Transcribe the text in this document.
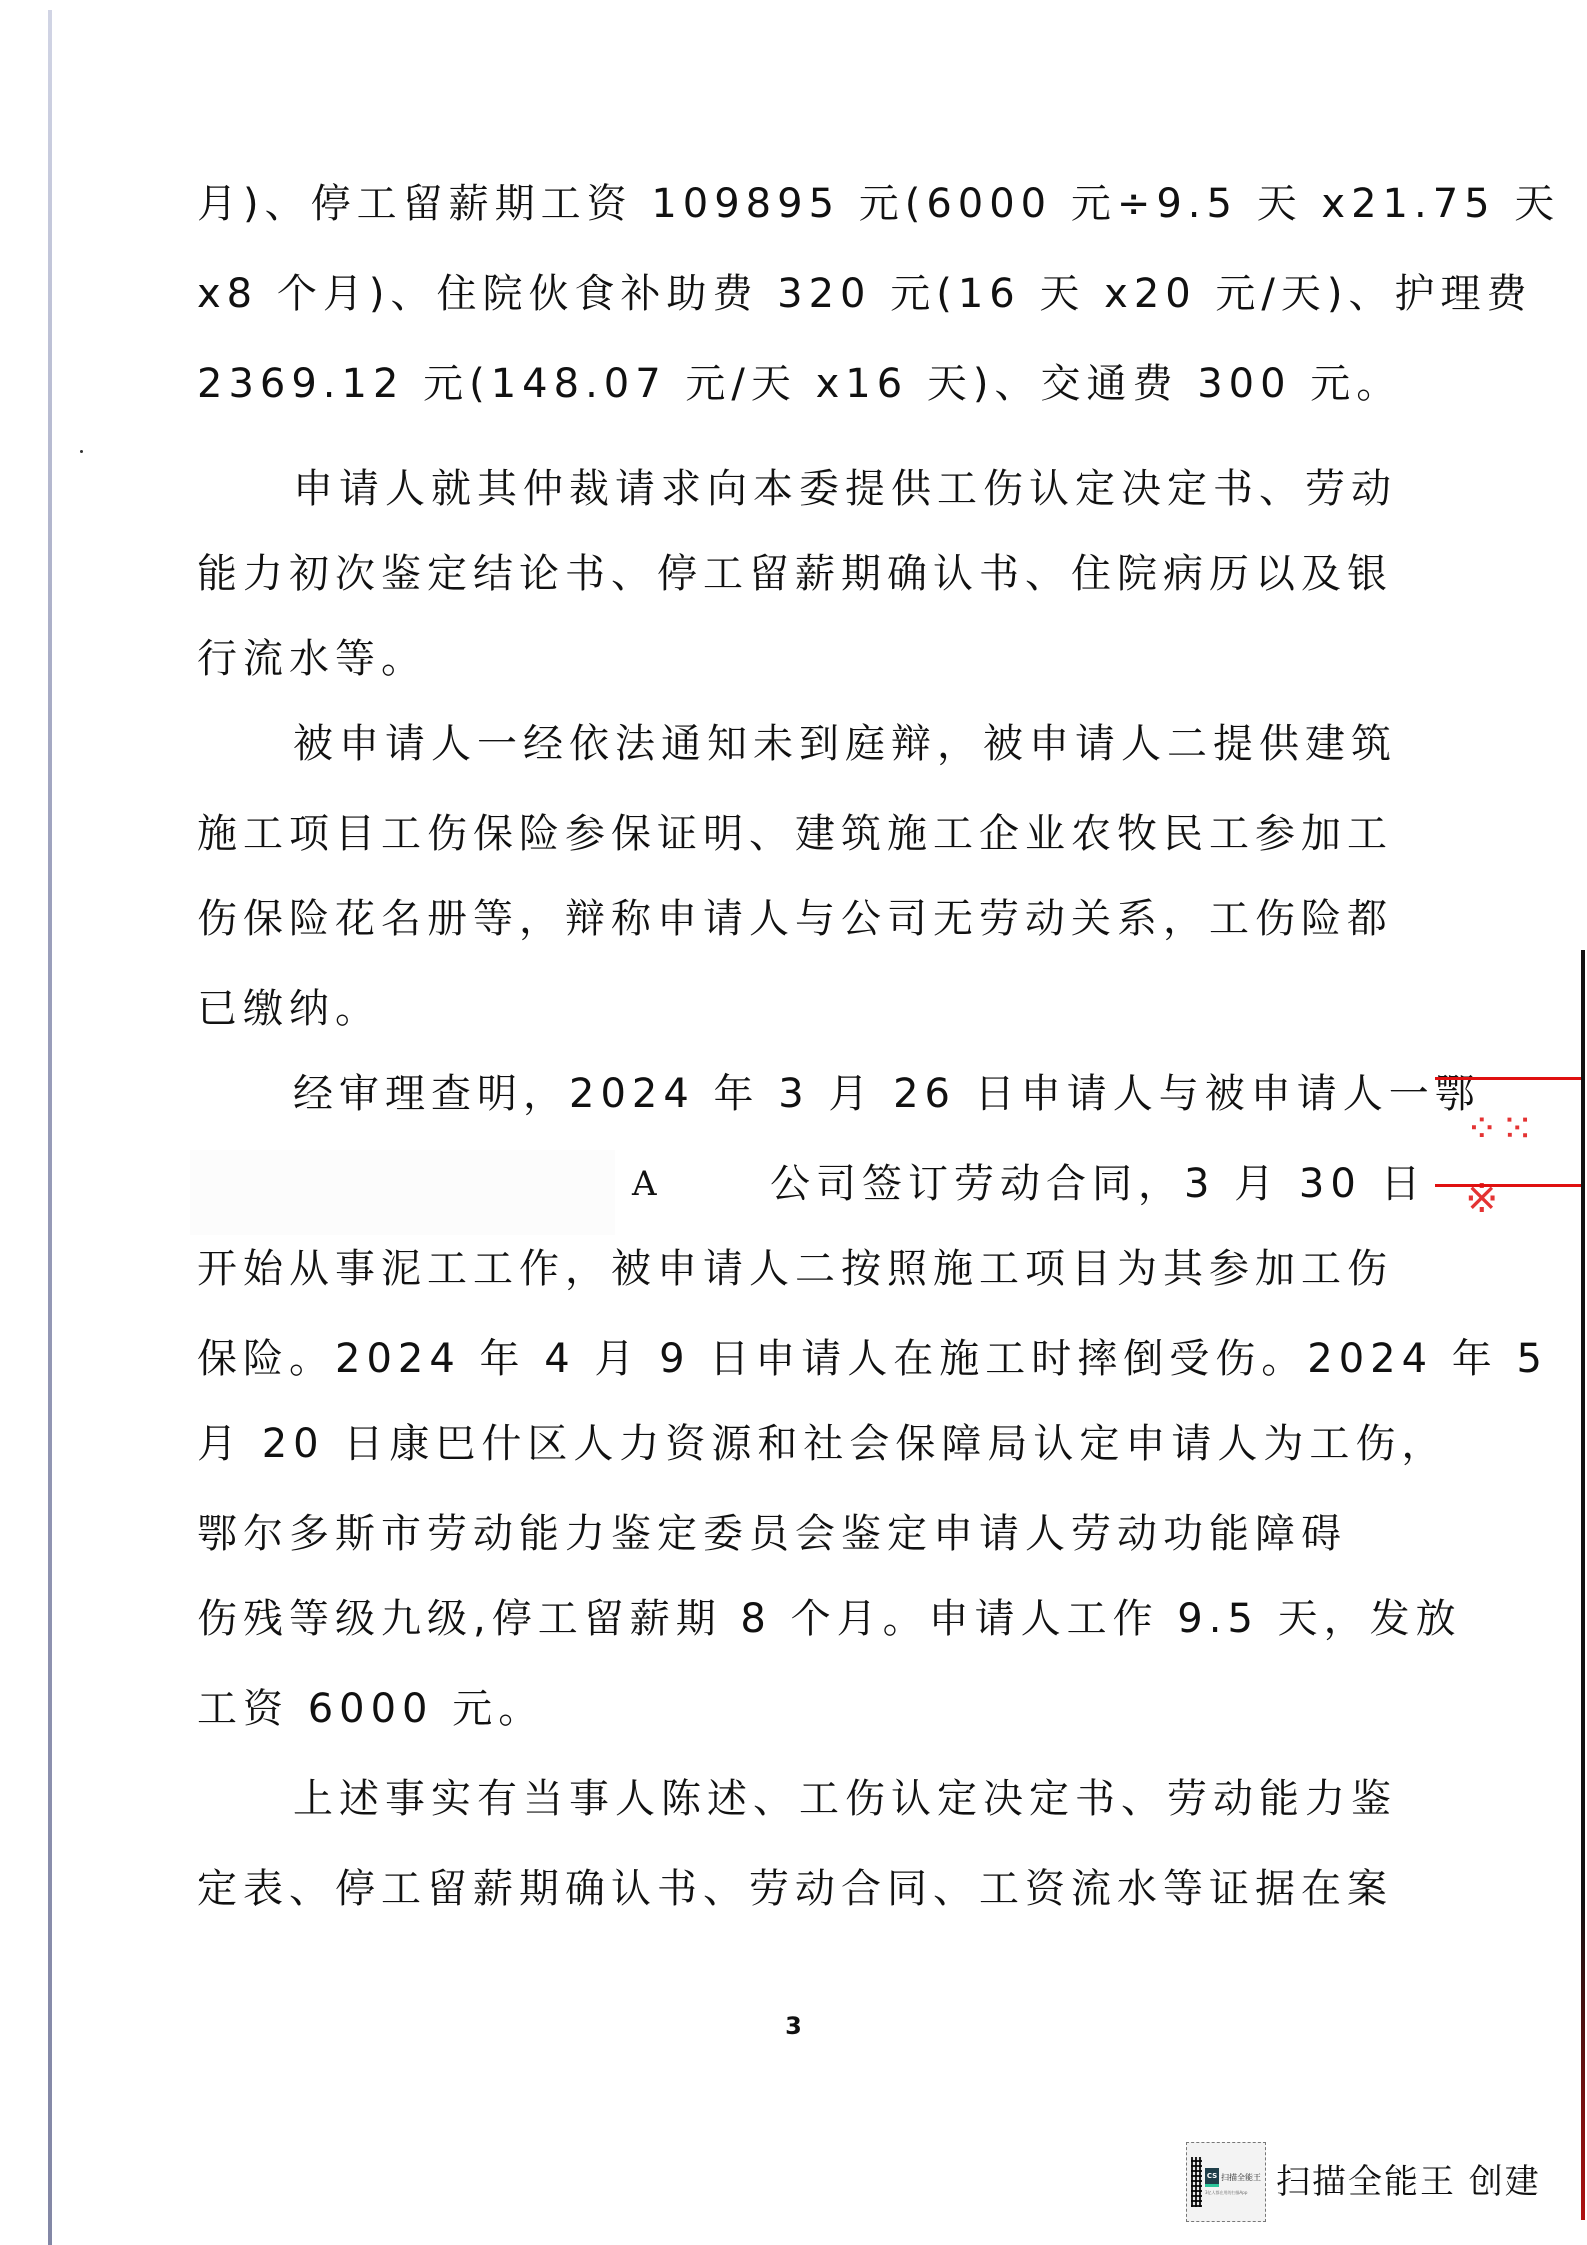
月)、停工留薪期工资 109895 元(6000 元÷9.5 天 x21.75 天
x8 个月)、住院伙食补助费 320 元(16 天 x20 元/天)、护理费
2369.12 元(148.07 元/天 x16 天)、交通费 300 元。
申请人就其仲裁请求向本委提供工伤认定决定书、劳动
能力初次鉴定结论书、停工留薪期确认书、住院病历以及银
行流水等。
被申请人一经依法通知未到庭辩，被申请人二提供建筑
施工项目工伤保险参保证明、建筑施工企业农牧民工参加工
伤保险花名册等，辩称申请人与公司无劳动关系，工伤险都
已缴纳。
经审理查明，2024 年 3 月 26 日申请人与被申请人一鄂
A	公司签订劳动合同，3 月 30 日
开始从事泥工工作，被申请人二按照施工项目为其参加工伤
保险。2024 年 4 月 9 日申请人在施工时摔倒受伤。2024 年 5
月 20 日康巴什区人力资源和社会保障局认定申请人为工伤，
鄂尔多斯市劳动能力鉴定委员会鉴定申请人劳动功能障碍
伤残等级九级,停工留薪期 8 个月。申请人工作 9.5 天，发放
工资 6000 元。
上述事实有当事人陈述、工伤认定决定书、劳动能力鉴
定表、停工留薪期确认书、劳动合同、工资流水等证据在案
3
⁘⁙※
CS 扫描全能王
3亿人都在用的扫描App 扫描全能王 创建
